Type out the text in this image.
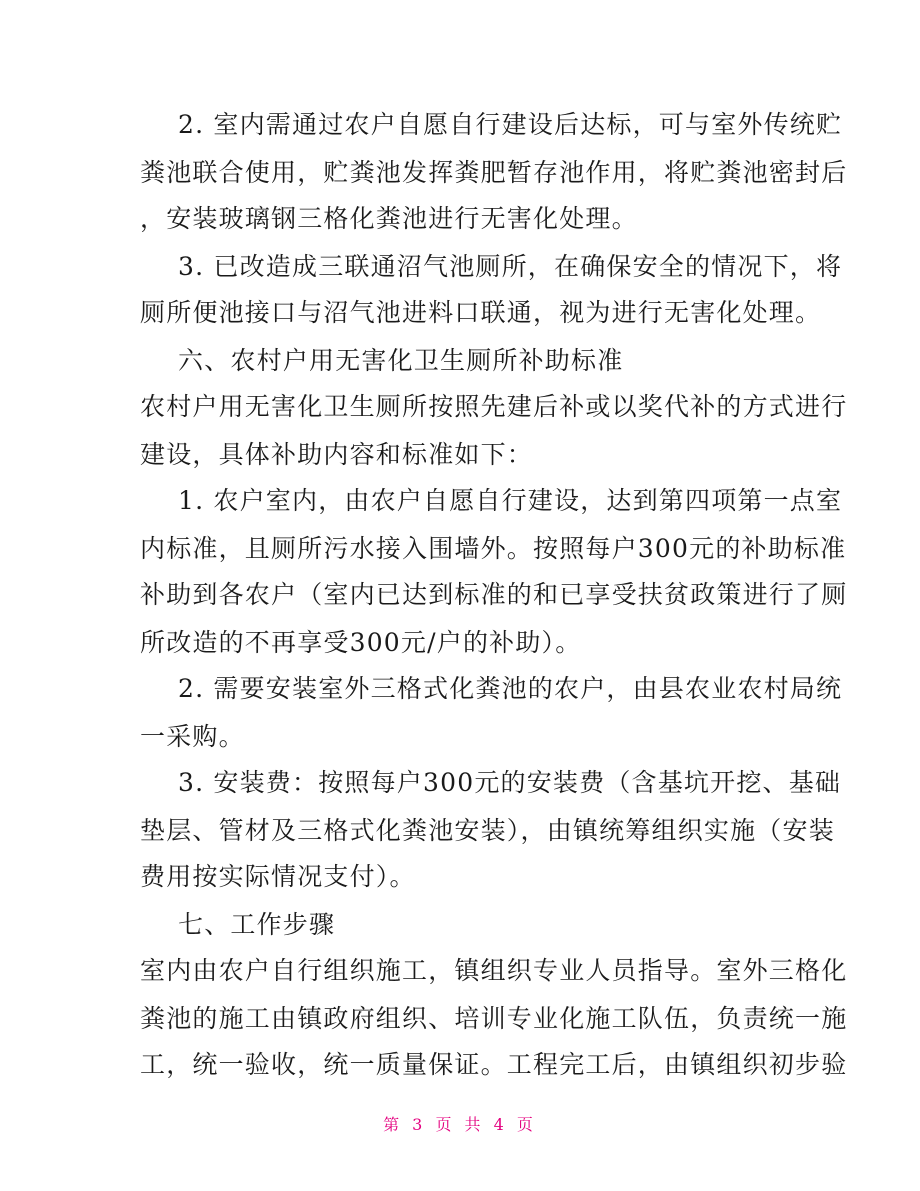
2. 室内需通过农户自愿自行建设后达标，可与室外传统贮
粪池联合使用，贮粪池发挥粪肥暂存池作用，将贮粪池密封后
，安装玻璃钢三格化粪池进行无害化处理。
3. 已改造成三联通沼气池厕所，在确保安全的情况下，将
厕所便池接口与沼气池进料口联通，视为进行无害化处理。
六、农村户用无害化卫生厕所补助标准
农村户用无害化卫生厕所按照先建后补或以奖代补的方式进行
建设，具体补助内容和标准如下：
1. 农户室内，由农户自愿自行建设，达到第四项第一点室
内标准，且厕所污水接入围墙外。按照每户300元的补助标准
补助到各农户（室内已达到标准的和已享受扶贫政策进行了厕
所改造的不再享受300元/户的补助）。
2. 需要安装室外三格式化粪池的农户，由县农业农村局统
一采购。
3. 安装费：按照每户300元的安装费（含基坑开挖、基础
垫层、管材及三格式化粪池安装），由镇统筹组织实施（安装
费用按实际情况支付）。
七、工作步骤
室内由农户自行组织施工，镇组织专业人员指导。室外三格化
粪池的施工由镇政府组织、培训专业化施工队伍，负责统一施
工，统一验收，统一质量保证。工程完工后，由镇组织初步验
第 3 页 共 4 页
